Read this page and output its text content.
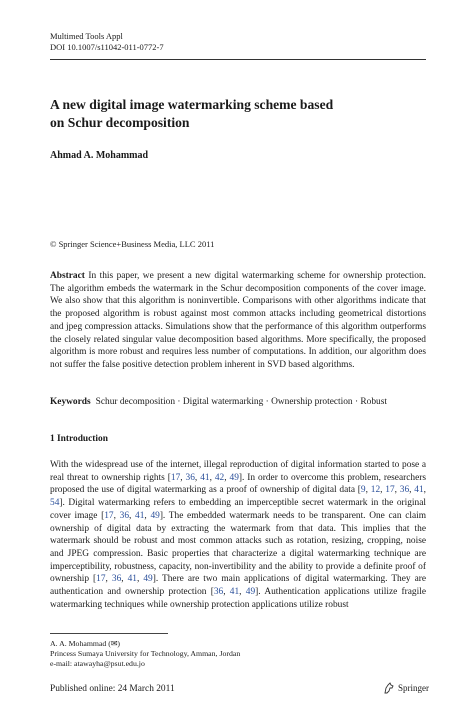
Multimed Tools Appl
DOI 10.1007/s11042-011-0772-7
A new digital image watermarking scheme based
on Schur decomposition
Ahmad A. Mohammad
© Springer Science+Business Media, LLC 2011
Abstract In this paper, we present a new digital watermarking scheme for ownership protection. The algorithm embeds the watermark in the Schur decomposition components of the cover image. We also show that this algorithm is noninvertible. Comparisons with other algorithms indicate that the proposed algorithm is robust against most common attacks including geometrical distortions and jpeg compression attacks. Simulations show that the performance of this algorithm outperforms the closely related singular value decomposition based algorithms. More specifically, the proposed algorithm is more robust and requires less number of computations. In addition, our algorithm does not suffer the false positive detection problem inherent in SVD based algorithms.
Keywords Schur decomposition · Digital watermarking · Ownership protection · Robust
1 Introduction
With the widespread use of the internet, illegal reproduction of digital information started to pose a real threat to ownership rights [17, 36, 41, 42, 49]. In order to overcome this problem, researchers proposed the use of digital watermarking as a proof of ownership of digital data [9, 12, 17, 36, 41, 54]. Digital watermarking refers to embedding an imperceptible secret watermark in the original cover image [17, 36, 41, 49]. The embedded watermark needs to be transparent. One can claim ownership of digital data by extracting the watermark from that data. This implies that the watermark should be robust and most common attacks such as rotation, resizing, cropping, noise and JPEG compression. Basic properties that characterize a digital watermarking technique are imperceptibility, robustness, capacity, non-invertibility and the ability to provide a definite proof of ownership [17, 36, 41, 49]. There are two main applications of digital watermarking. They are authentication and ownership protection [36, 41, 49]. Authentication applications utilize fragile watermarking techniques while ownership protection applications utilize robust
A. A. Mohammad (✉)
Princess Sumaya University for Technology, Amman, Jordan
e-mail: atawayha@psut.edu.jo
Published online: 24 March 2011	Springer
